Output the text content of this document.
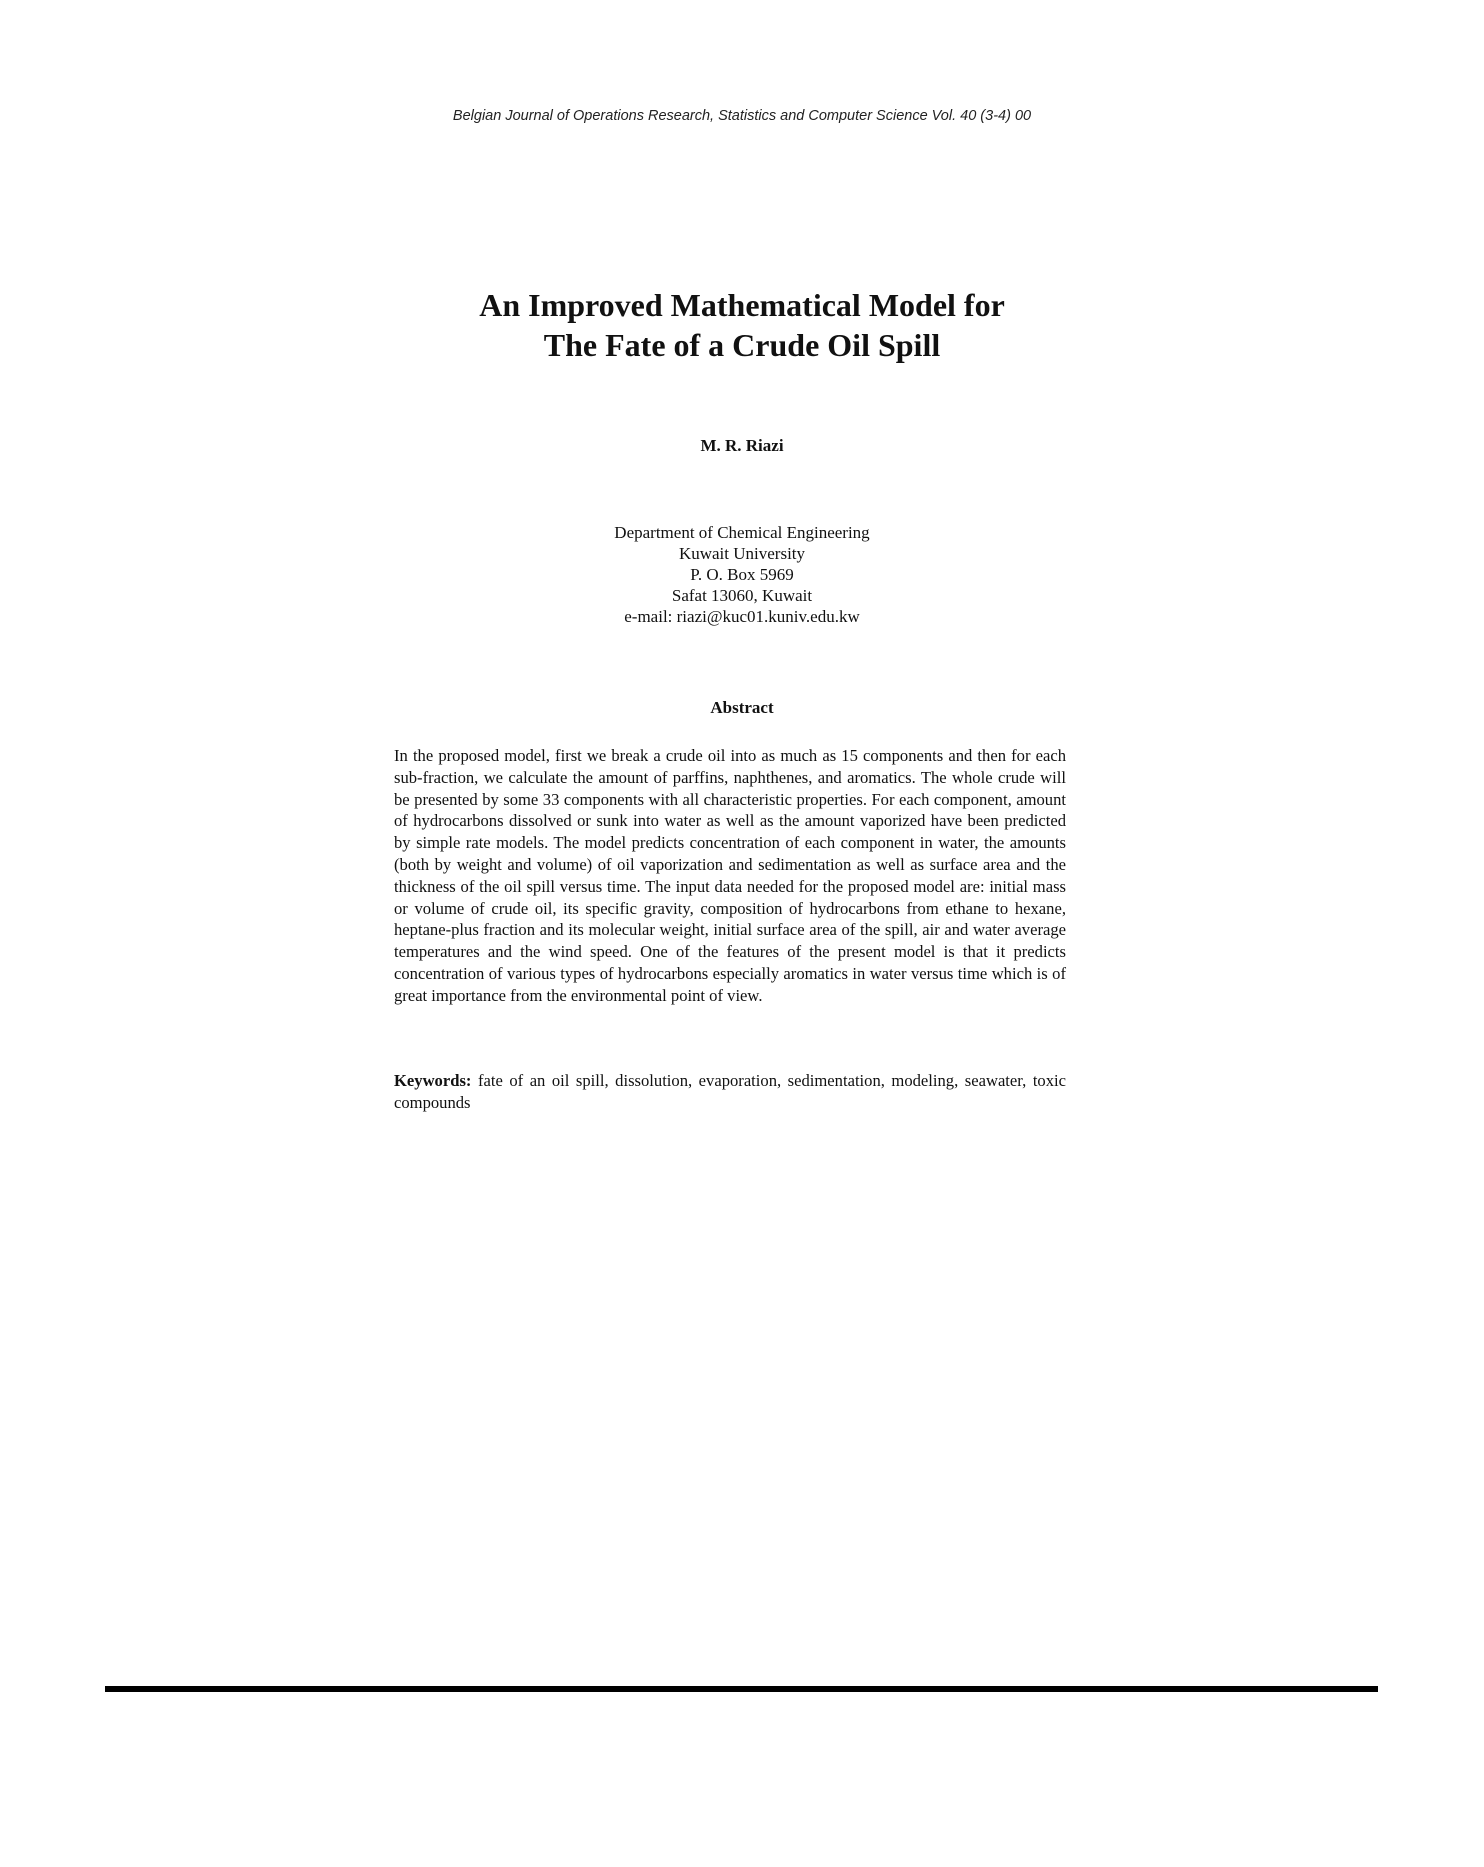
Belgian Journal of Operations Research, Statistics and Computer Science Vol. 40 (3-4) 00
An Improved Mathematical Model for
The Fate of a Crude Oil Spill
M. R. Riazi
Department of Chemical Engineering
Kuwait University
P. O. Box 5969
Safat 13060, Kuwait
e-mail: riazi@kuc01.kuniv.edu.kw
Abstract

In the proposed model, first we break a crude oil into as much as 15 components and then for each sub-fraction, we calculate the amount of parffins, naphthenes, and aromatics. The whole crude will be presented by some 33 components with all characteristic properties. For each component, amount of hydrocarbons dissolved or sunk into water as well as the amount vaporized have been predicted by simple rate models. The model predicts concentration of each component in water, the amounts (both by weight and volume) of oil vaporization and sedimentation as well as surface area and the thickness of the oil spill versus time. The input data needed for the proposed model are: initial mass or volume of crude oil, its specific gravity, composition of hydrocarbons from ethane to hexane, heptane-plus fraction and its molecular weight, initial surface area of the spill, air and water average temperatures and the wind speed. One of the features of the present model is that it predicts concentration of various types of hydrocarbons especially aromatics in water versus time which is of great importance from the environmental point of view.

Keywords: fate of an oil spill, dissolution, evaporation, sedimentation, modeling, seawater, toxic compounds
